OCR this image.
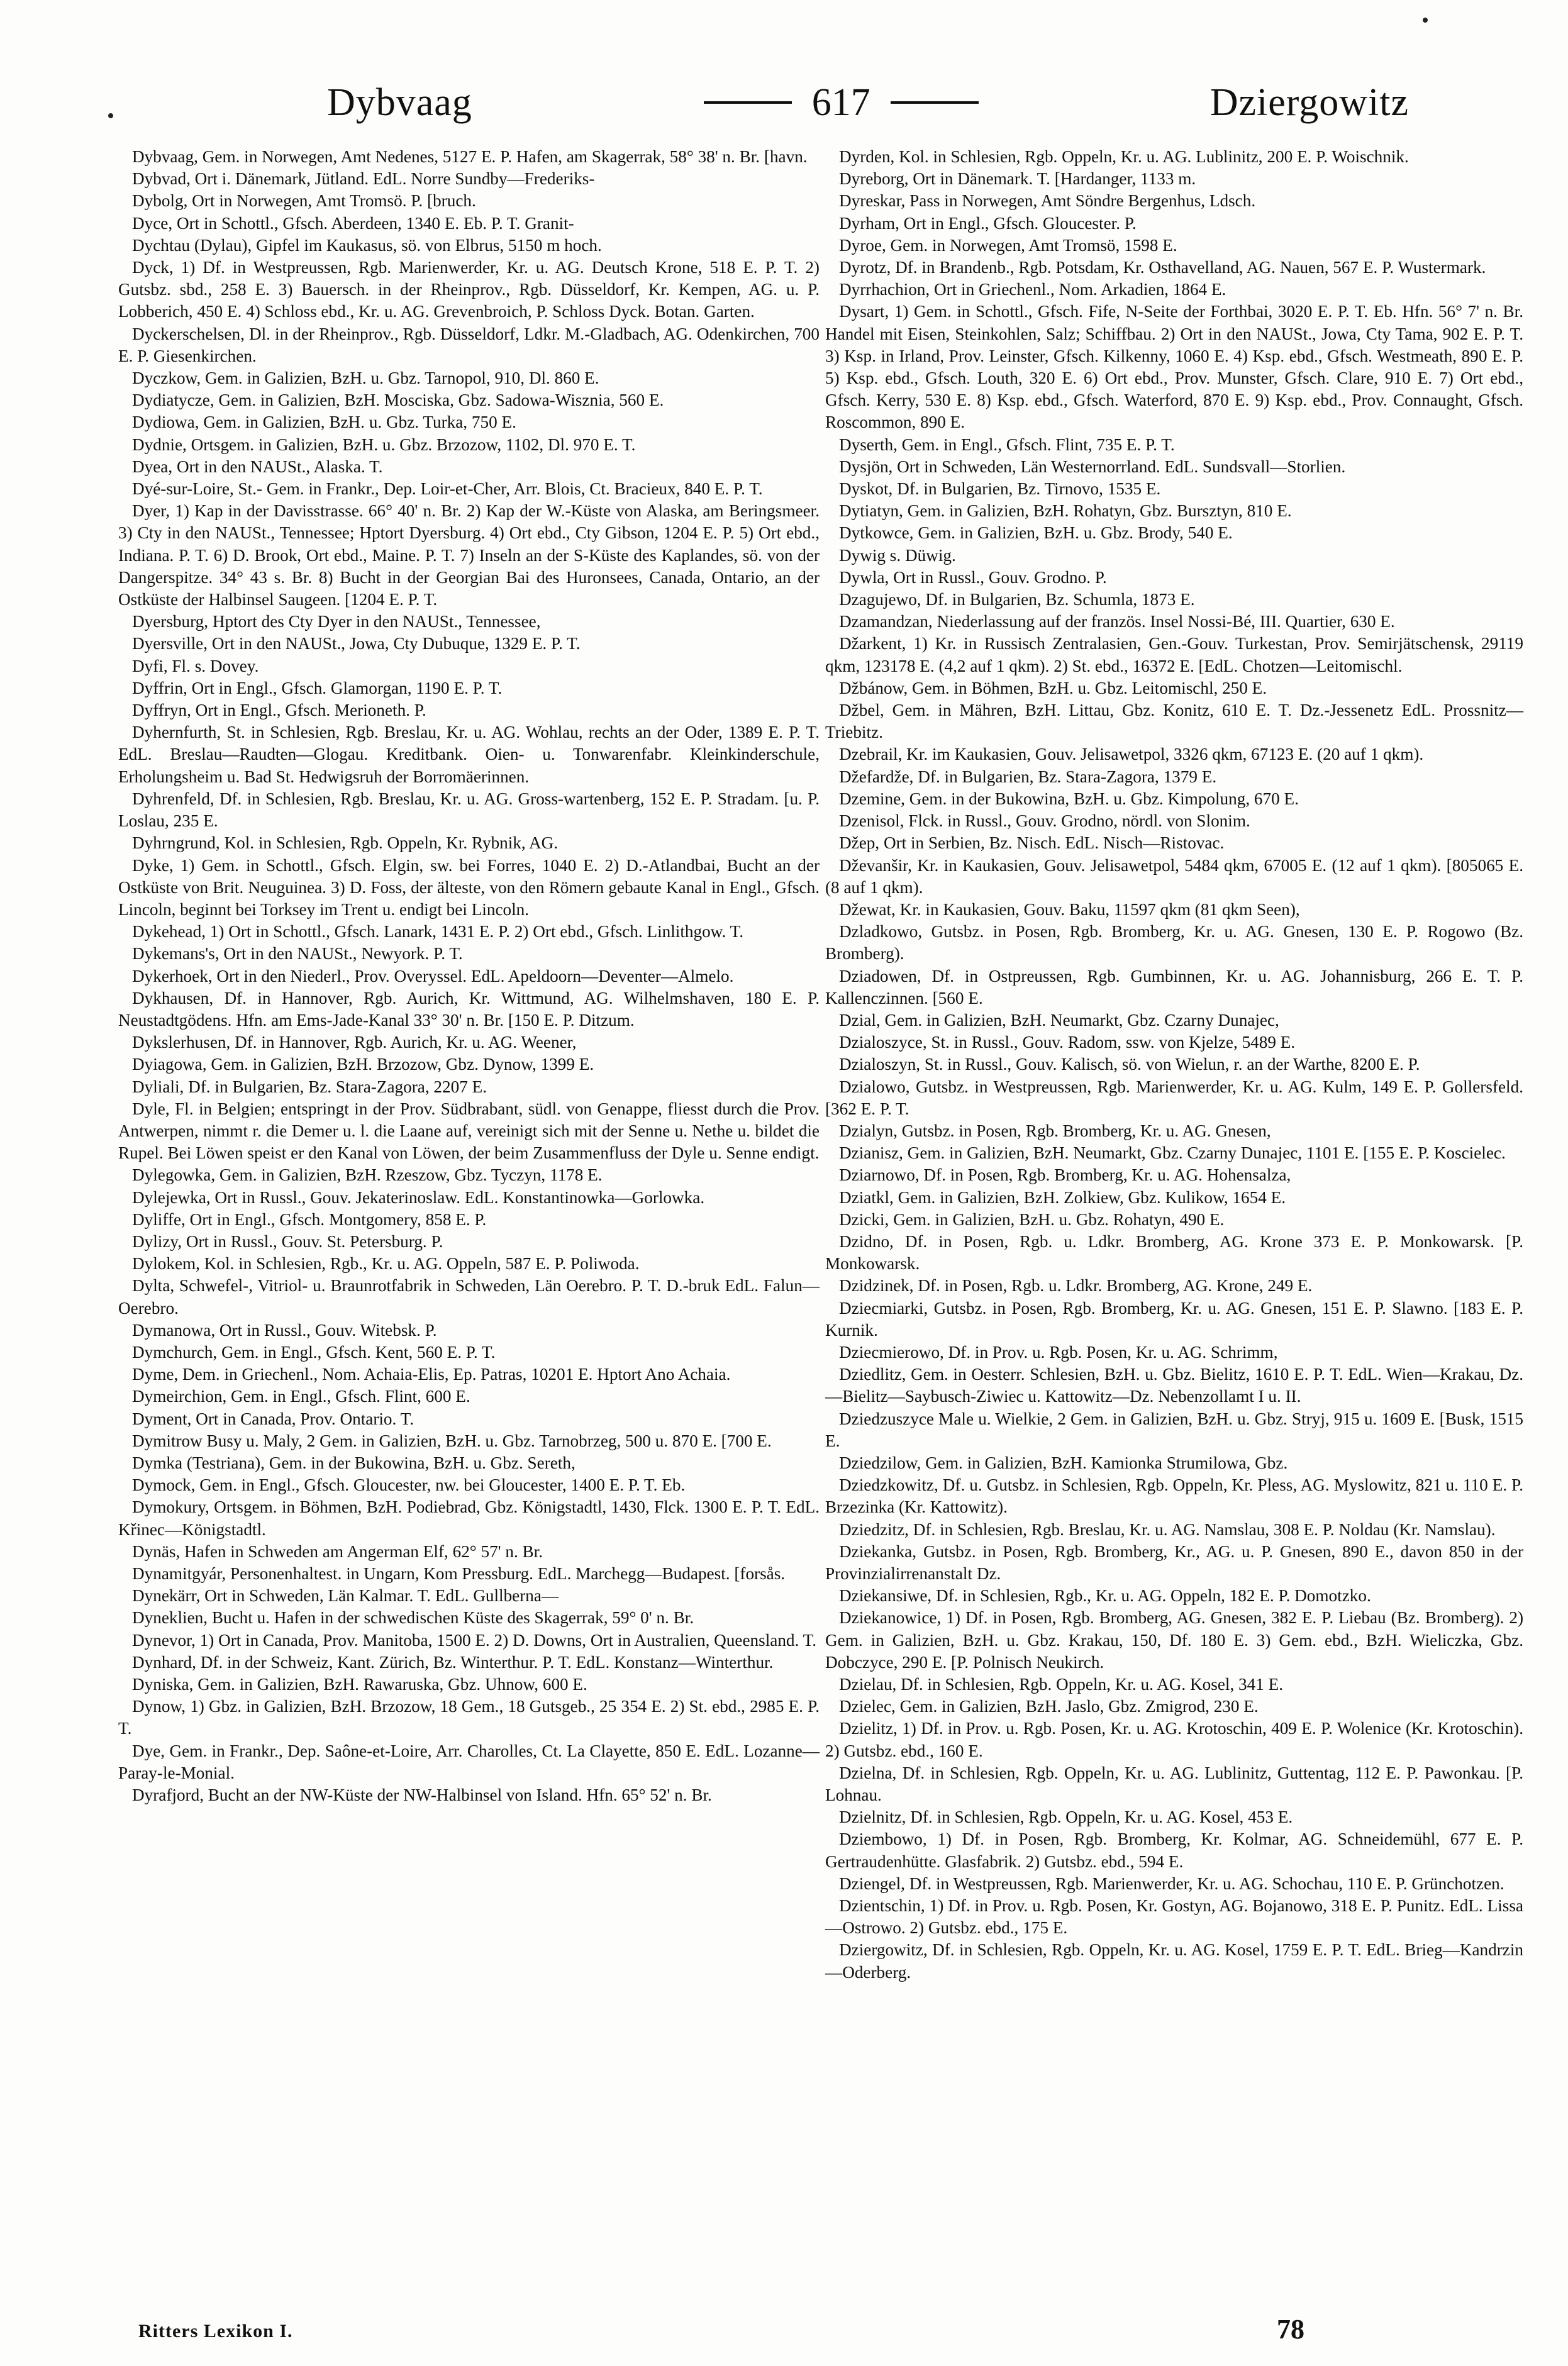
Dybvaag	617	Dziergowitz

Dybvaag, Gem. in Norwegen, Amt Nedenes, 5127 E. P. Hafen, am Skagerrak, 58° 38' n. Br. [havn.

Dybvad, Ort i. Dänemark, Jütland. EdL. Norre Sundby—Frederiks-

Dybolg, Ort in Norwegen, Amt Tromsö. P. [bruch.

Dyce, Ort in Schottl., Gfsch. Aberdeen, 1340 E. Eb. P. T. Granit-

Dychtau (Dylau), Gipfel im Kaukasus, sö. von Elbrus, 5150 m hoch.

Dyck, 1) Df. in Westpreussen, Rgb. Marienwerder, Kr. u. AG. Deutsch Krone, 518 E. P. T. 2) Gutsbz. sbd., 258 E. 3) Bauersch. in der Rheinprov., Rgb. Düsseldorf, Kr. Kempen, AG. u. P. Lobberich, 450 E. 4) Schloss ebd., Kr. u. AG. Grevenbroich, P. Schloss Dyck. Botan. Garten.

Dyckerschelsen, Dl. in der Rheinprov., Rgb. Düsseldorf, Ldkr. M.-Gladbach, AG. Odenkirchen, 700 E. P. Giesenkirchen.

Dyczkow, Gem. in Galizien, BzH. u. Gbz. Tarnopol, 910, Dl. 860 E.

Dydiatycze, Gem. in Galizien, BzH. Mosciska, Gbz. Sadowa-Wisznia, 560 E.

Dydiowa, Gem. in Galizien, BzH. u. Gbz. Turka, 750 E.

Dydnie, Ortsgem. in Galizien, BzH. u. Gbz. Brzozow, 1102, Dl. 970 E. T.

Dyea, Ort in den NAUSt., Alaska. T.

Dyé-sur-Loire, St.- Gem. in Frankr., Dep. Loir-et-Cher, Arr. Blois, Ct. Bracieux, 840 E. P. T.

Dyer, 1) Kap in der Davisstrasse. 66° 40' n. Br. 2) Kap der W.-Küste von Alaska, am Beringsmeer. 3) Cty in den NAUSt., Tennessee; Hptort Dyersburg. 4) Ort ebd., Cty Gibson, 1204 E. P. 5) Ort ebd., Indiana. P. T. 6) D. Brook, Ort ebd., Maine. P. T. 7) Inseln an der S-Küste des Kaplandes, sö. von der Dangerspitze. 34° 43 s. Br. 8) Bucht in der Georgian Bai des Huronsees, Canada, Ontario, an der Ostküste der Halbinsel Saugeen. [1204 E. P. T.

Dyersburg, Hptort des Cty Dyer in den NAUSt., Tennessee,

Dyersville, Ort in den NAUSt., Jowa, Cty Dubuque, 1329 E. P. T.

Dyfi, Fl. s. Dovey.

Dyffrin, Ort in Engl., Gfsch. Glamorgan, 1190 E. P. T.

Dyffryn, Ort in Engl., Gfsch. Merioneth. P.

Dyhernfurth, St. in Schlesien, Rgb. Breslau, Kr. u. AG. Wohlau, rechts an der Oder, 1389 E. P. T. EdL. Breslau—Raudten—Glogau. Kreditbank. Oien- u. Tonwarenfabr. Kleinkinderschule, Erholungsheim u. Bad St. Hedwigsruh der Borromäerinnen.

Dyhrenfeld, Df. in Schlesien, Rgb. Breslau, Kr. u. AG. Gross-wartenberg, 152 E. P. Stradam. [u. P. Loslau, 235 E.

Dyhrngrund, Kol. in Schlesien, Rgb. Oppeln, Kr. Rybnik, AG.

Dyke, 1) Gem. in Schottl., Gfsch. Elgin, sw. bei Forres, 1040 E. 2) D.-Atlandbai, Bucht an der Ostküste von Brit. Neuguinea. 3) D. Foss, der älteste, von den Römern gebaute Kanal in Engl., Gfsch. Lincoln, beginnt bei Torksey im Trent u. endigt bei Lincoln.

Dykehead, 1) Ort in Schottl., Gfsch. Lanark, 1431 E. P. 2) Ort ebd., Gfsch. Linlithgow. T.

Dykemans's, Ort in den NAUSt., Newyork. P. T.

Dykerhoek, Ort in den Niederl., Prov. Overyssel. EdL. Apeldoorn—Deventer—Almelo.

Dykhausen, Df. in Hannover, Rgb. Aurich, Kr. Wittmund, AG. Wilhelmshaven, 180 E. P. Neustadtgödens. Hfn. am Ems-Jade-Kanal 33° 30' n. Br. [150 E. P. Ditzum.

Dykslerhusen, Df. in Hannover, Rgb. Aurich, Kr. u. AG. Weener,

Dyiagowa, Gem. in Galizien, BzH. Brzozow, Gbz. Dynow, 1399 E.

Dyliali, Df. in Bulgarien, Bz. Stara-Zagora, 2207 E.

Dyle, Fl. in Belgien; entspringt in der Prov. Südbrabant, südl. von Genappe, fliesst durch die Prov. Antwerpen, nimmt r. die Demer u. l. die Laane auf, vereinigt sich mit der Senne u. Nethe u. bildet die Rupel. Bei Löwen speist er den Kanal von Löwen, der beim Zusammenfluss der Dyle u. Senne endigt.

Dylegowka, Gem. in Galizien, BzH. Rzeszow, Gbz. Tyczyn, 1178 E.

Dylejewka, Ort in Russl., Gouv. Jekaterinoslaw. EdL. Konstantinowka—Gorlowka.

Dyliffe, Ort in Engl., Gfsch. Montgomery, 858 E. P.

Dylizy, Ort in Russl., Gouv. St. Petersburg. P.

Dylokem, Kol. in Schlesien, Rgb., Kr. u. AG. Oppeln, 587 E. P. Poliwoda.

Dylta, Schwefel-, Vitriol- u. Braunrotfabrik in Schweden, Län Oerebro. P. T. D.-bruk EdL. Falun—Oerebro.

Dymanowa, Ort in Russl., Gouv. Witebsk. P.

Dymchurch, Gem. in Engl., Gfsch. Kent, 560 E. P. T.

Dyme, Dem. in Griechenl., Nom. Achaia-Elis, Ep. Patras, 10201 E. Hptort Ano Achaia.

Dymeirchion, Gem. in Engl., Gfsch. Flint, 600 E.

Dyment, Ort in Canada, Prov. Ontario. T.

Dymitrow Busy u. Maly, 2 Gem. in Galizien, BzH. u. Gbz. Tarnobrzeg, 500 u. 870 E. [700 E.

Dymka (Testriana), Gem. in der Bukowina, BzH. u. Gbz. Sereth,

Dymock, Gem. in Engl., Gfsch. Gloucester, nw. bei Gloucester, 1400 E. P. T. Eb.

Dymokury, Ortsgem. in Böhmen, BzH. Podiebrad, Gbz. Königstadtl, 1430, Flck. 1300 E. P. T. EdL. Křinec—Königstadtl.

Dynäs, Hafen in Schweden am Angerman Elf, 62° 57' n. Br.

Dynamitgyár, Personenhaltest. in Ungarn, Kom Pressburg. EdL. Marchegg—Budapest. [forsås.

Dynekärr, Ort in Schweden, Län Kalmar. T. EdL. Gullberna—

Dyneklien, Bucht u. Hafen in der schwedischen Küste des Skagerrak, 59° 0' n. Br.

Dynevor, 1) Ort in Canada, Prov. Manitoba, 1500 E. 2) D. Downs, Ort in Australien, Queensland. T.

Dynhard, Df. in der Schweiz, Kant. Zürich, Bz. Winterthur. P. T. EdL. Konstanz—Winterthur.

Dyniska, Gem. in Galizien, BzH. Rawaruska, Gbz. Uhnow, 600 E.

Dynow, 1) Gbz. in Galizien, BzH. Brzozow, 18 Gem., 18 Gutsgeb., 25 354 E. 2) St. ebd., 2985 E. P. T.

Dye, Gem. in Frankr., Dep. Saône-et-Loire, Arr. Charolles, Ct. La Clayette, 850 E. EdL. Lozanne—Paray-le-Monial.

Dyrafjord, Bucht an der NW-Küste der NW-Halbinsel von Island. Hfn. 65° 52' n. Br.

Dyrden, Kol. in Schlesien, Rgb. Oppeln, Kr. u. AG. Lublinitz, 200 E. P. Woischnik.

Dyreborg, Ort in Dänemark. T. [Hardanger, 1133 m.

Dyreskar, Pass in Norwegen, Amt Söndre Bergenhus, Ldsch.

Dyrham, Ort in Engl., Gfsch. Gloucester. P.

Dyroe, Gem. in Norwegen, Amt Tromsö, 1598 E.

Dyrotz, Df. in Brandenb., Rgb. Potsdam, Kr. Osthavelland, AG. Nauen, 567 E. P. Wustermark.

Dyrrhachion, Ort in Griechenl., Nom. Arkadien, 1864 E.

Dysart, 1) Gem. in Schottl., Gfsch. Fife, N-Seite der Forthbai, 3020 E. P. T. Eb. Hfn. 56° 7' n. Br. Handel mit Eisen, Steinkohlen, Salz; Schiffbau. 2) Ort in den NAUSt., Jowa, Cty Tama, 902 E. P. T. 3) Ksp. in Irland, Prov. Leinster, Gfsch. Kilkenny, 1060 E. 4) Ksp. ebd., Gfsch. Westmeath, 890 E. P. 5) Ksp. ebd., Gfsch. Louth, 320 E. 6) Ort ebd., Prov. Munster, Gfsch. Clare, 910 E. 7) Ort ebd., Gfsch. Kerry, 530 E. 8) Ksp. ebd., Gfsch. Waterford, 870 E. 9) Ksp. ebd., Prov. Connaught, Gfsch. Roscommon, 890 E.

Dyserth, Gem. in Engl., Gfsch. Flint, 735 E. P. T.

Dysjön, Ort in Schweden, Län Westernorrland. EdL. Sundsvall—Storlien.

Dyskot, Df. in Bulgarien, Bz. Tirnovo, 1535 E.

Dytiatyn, Gem. in Galizien, BzH. Rohatyn, Gbz. Bursztyn, 810 E.

Dytkowce, Gem. in Galizien, BzH. u. Gbz. Brody, 540 E.

Dywig s. Düwig.

Dywla, Ort in Russl., Gouv. Grodno. P.

Dzagujewo, Df. in Bulgarien, Bz. Schumla, 1873 E.

Dzamandzan, Niederlassung auf der französ. Insel Nossi-Bé, III. Quartier, 630 E.

Džarkent, 1) Kr. in Russisch Zentralasien, Gen.-Gouv. Turkestan, Prov. Semirjätschensk, 29119 qkm, 123178 E. (4,2 auf 1 qkm). 2) St. ebd., 16372 E. [EdL. Chotzen—Leitomischl.

Džbánow, Gem. in Böhmen, BzH. u. Gbz. Leitomischl, 250 E.

Džbel, Gem. in Mähren, BzH. Littau, Gbz. Konitz, 610 E. T. Dz.-Jessenetz EdL. Prossnitz—Triebitz.

Dzebrail, Kr. im Kaukasien, Gouv. Jelisawetpol, 3326 qkm, 67123 E. (20 auf 1 qkm).

Džefardže, Df. in Bulgarien, Bz. Stara-Zagora, 1379 E.

Dzemine, Gem. in der Bukowina, BzH. u. Gbz. Kimpolung, 670 E.

Dzenisol, Flck. in Russl., Gouv. Grodno, nördl. von Slonim.

Džep, Ort in Serbien, Bz. Nisch. EdL. Nisch—Ristovac.

Dževanšir, Kr. in Kaukasien, Gouv. Jelisawetpol, 5484 qkm, 67005 E. (12 auf 1 qkm). [805065 E. (8 auf 1 qkm).

Džewat, Kr. in Kaukasien, Gouv. Baku, 11597 qkm (81 qkm Seen),

Dzladkowo, Gutsbz. in Posen, Rgb. Bromberg, Kr. u. AG. Gnesen, 130 E. P. Rogowo (Bz. Bromberg).

Dziadowen, Df. in Ostpreussen, Rgb. Gumbinnen, Kr. u. AG. Johannisburg, 266 E. T. P. Kallenczinnen. [560 E.

Dzial, Gem. in Galizien, BzH. Neumarkt, Gbz. Czarny Dunajec,

Dzialoszyce, St. in Russl., Gouv. Radom, ssw. von Kjelze, 5489 E.

Dzialoszyn, St. in Russl., Gouv. Kalisch, sö. von Wielun, r. an der Warthe, 8200 E. P.

Dzialowo, Gutsbz. in Westpreussen, Rgb. Marienwerder, Kr. u. AG. Kulm, 149 E. P. Gollersfeld. [362 E. P. T.

Dzialyn, Gutsbz. in Posen, Rgb. Bromberg, Kr. u. AG. Gnesen,

Dzianisz, Gem. in Galizien, BzH. Neumarkt, Gbz. Czarny Dunajec, 1101 E. [155 E. P. Koscielec.

Dziarnowo, Df. in Posen, Rgb. Bromberg, Kr. u. AG. Hohensalza,

Dziatkl, Gem. in Galizien, BzH. Zolkiew, Gbz. Kulikow, 1654 E.

Dzicki, Gem. in Galizien, BzH. u. Gbz. Rohatyn, 490 E.

Dzidno, Df. in Posen, Rgb. u. Ldkr. Bromberg, AG. Krone 373 E. P. Monkowarsk. [P. Monkowarsk.

Dzidzinek, Df. in Posen, Rgb. u. Ldkr. Bromberg, AG. Krone, 249 E.

Dziecmiarki, Gutsbz. in Posen, Rgb. Bromberg, Kr. u. AG. Gnesen, 151 E. P. Slawno. [183 E. P. Kurnik.

Dziecmierowo, Df. in Prov. u. Rgb. Posen, Kr. u. AG. Schrimm,

Dziedlitz, Gem. in Oesterr. Schlesien, BzH. u. Gbz. Bielitz, 1610 E. P. T. EdL. Wien—Krakau, Dz.—Bielitz—Saybusch-Ziwiec u. Kattowitz—Dz. Nebenzollamt I u. II.

Dziedzuszyce Male u. Wielkie, 2 Gem. in Galizien, BzH. u. Gbz. Stryj, 915 u. 1609 E. [Busk, 1515 E.

Dziedzilow, Gem. in Galizien, BzH. Kamionka Strumilowa, Gbz.

Dziedzkowitz, Df. u. Gutsbz. in Schlesien, Rgb. Oppeln, Kr. Pless, AG. Myslowitz, 821 u. 110 E. P. Brzezinka (Kr. Kattowitz).

Dziedzitz, Df. in Schlesien, Rgb. Breslau, Kr. u. AG. Namslau, 308 E. P. Noldau (Kr. Namslau).

Dziekanka, Gutsbz. in Posen, Rgb. Bromberg, Kr., AG. u. P. Gnesen, 890 E., davon 850 in der Provinzialirrenanstalt Dz.

Dziekansiwe, Df. in Schlesien, Rgb., Kr. u. AG. Oppeln, 182 E. P. Domotzko.

Dziekanowice, 1) Df. in Posen, Rgb. Bromberg, AG. Gnesen, 382 E. P. Liebau (Bz. Bromberg). 2) Gem. in Galizien, BzH. u. Gbz. Krakau, 150, Df. 180 E. 3) Gem. ebd., BzH. Wieliczka, Gbz. Dobczyce, 290 E. [P. Polnisch Neukirch.

Dzielau, Df. in Schlesien, Rgb. Oppeln, Kr. u. AG. Kosel, 341 E.

Dzielec, Gem. in Galizien, BzH. Jaslo, Gbz. Zmigrod, 230 E.

Dzielitz, 1) Df. in Prov. u. Rgb. Posen, Kr. u. AG. Krotoschin, 409 E. P. Wolenice (Kr. Krotoschin). 2) Gutsbz. ebd., 160 E.

Dzielna, Df. in Schlesien, Rgb. Oppeln, Kr. u. AG. Lublinitz, Guttentag, 112 E. P. Pawonkau. [P. Lohnau.

Dzielnitz, Df. in Schlesien, Rgb. Oppeln, Kr. u. AG. Kosel, 453 E.

Dziembowo, 1) Df. in Posen, Rgb. Bromberg, Kr. Kolmar, AG. Schneidemühl, 677 E. P. Gertraudenhütte. Glasfabrik. 2) Gutsbz. ebd., 594 E.

Dziengel, Df. in Westpreussen, Rgb. Marienwerder, Kr. u. AG. Schochau, 110 E. P. Grünchotzen.

Dzientschin, 1) Df. in Prov. u. Rgb. Posen, Kr. Gostyn, AG. Bojanowo, 318 E. P. Punitz. EdL. Lissa—Ostrowo. 2) Gutsbz. ebd., 175 E.

Dziergowitz, Df. in Schlesien, Rgb. Oppeln, Kr. u. AG. Kosel, 1759 E. P. T. EdL. Brieg—Kandrzin—Oderberg.

Ritters Lexikon I.	78
